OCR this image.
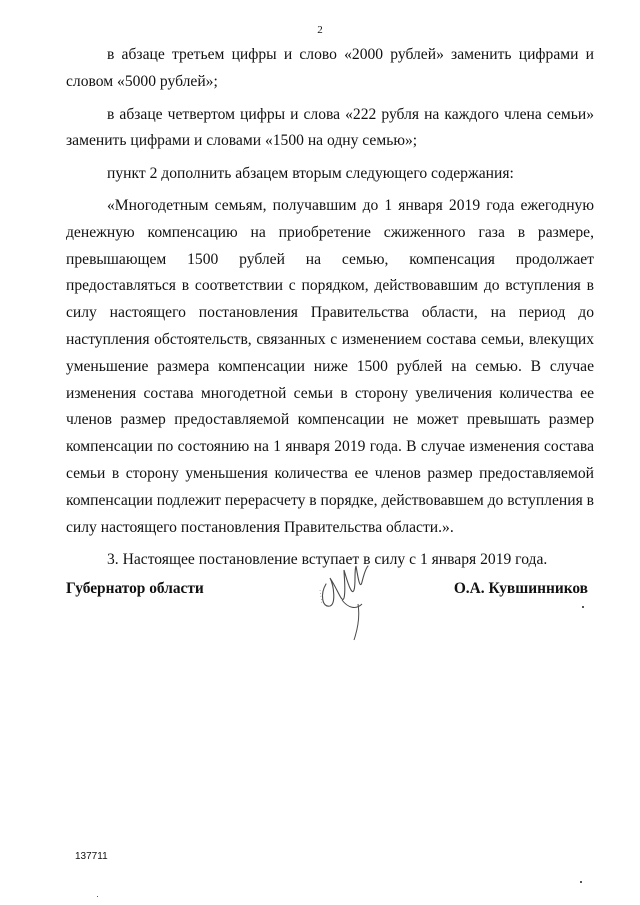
2

в абзаце третьем цифры и слово «2000 рублей» заменить цифрами и словом «5000 рублей»;

в абзаце четвертом цифры и слова «222 рубля на каждого члена семьи» заменить цифрами и словами «1500 на одну семью»;

пункт 2 дополнить абзацем вторым следующего содержания:

«Многодетным семьям, получавшим до 1 января 2019 года ежегодную денежную компенсацию на приобретение сжиженного газа в размере, превышающем 1500 рублей на семью, компенсация продолжает предоставляться в соответствии с порядком, действовавшим до вступления в силу настоящего постановления Правительства области, на период до наступления обстоятельств, связанных с изменением состава семьи, влекущих уменьшение размера компенсации ниже 1500 рублей на семью. В случае изменения состава многодетной семьи в сторону увеличения количества ее членов размер предоставляемой компенсации не может превышать размер компенсации по состоянию на 1 января 2019 года. В случае изменения состава семьи в сторону уменьшения количества ее членов размер предоставляемой компенсации подлежит перерасчету в порядке, действовавшем до вступления в силу настоящего постановления Правительства области.».

3. Настоящее постановление вступает в силу с 1 января 2019 года.

Губернатор области	О.А. Кувшинников
137711
